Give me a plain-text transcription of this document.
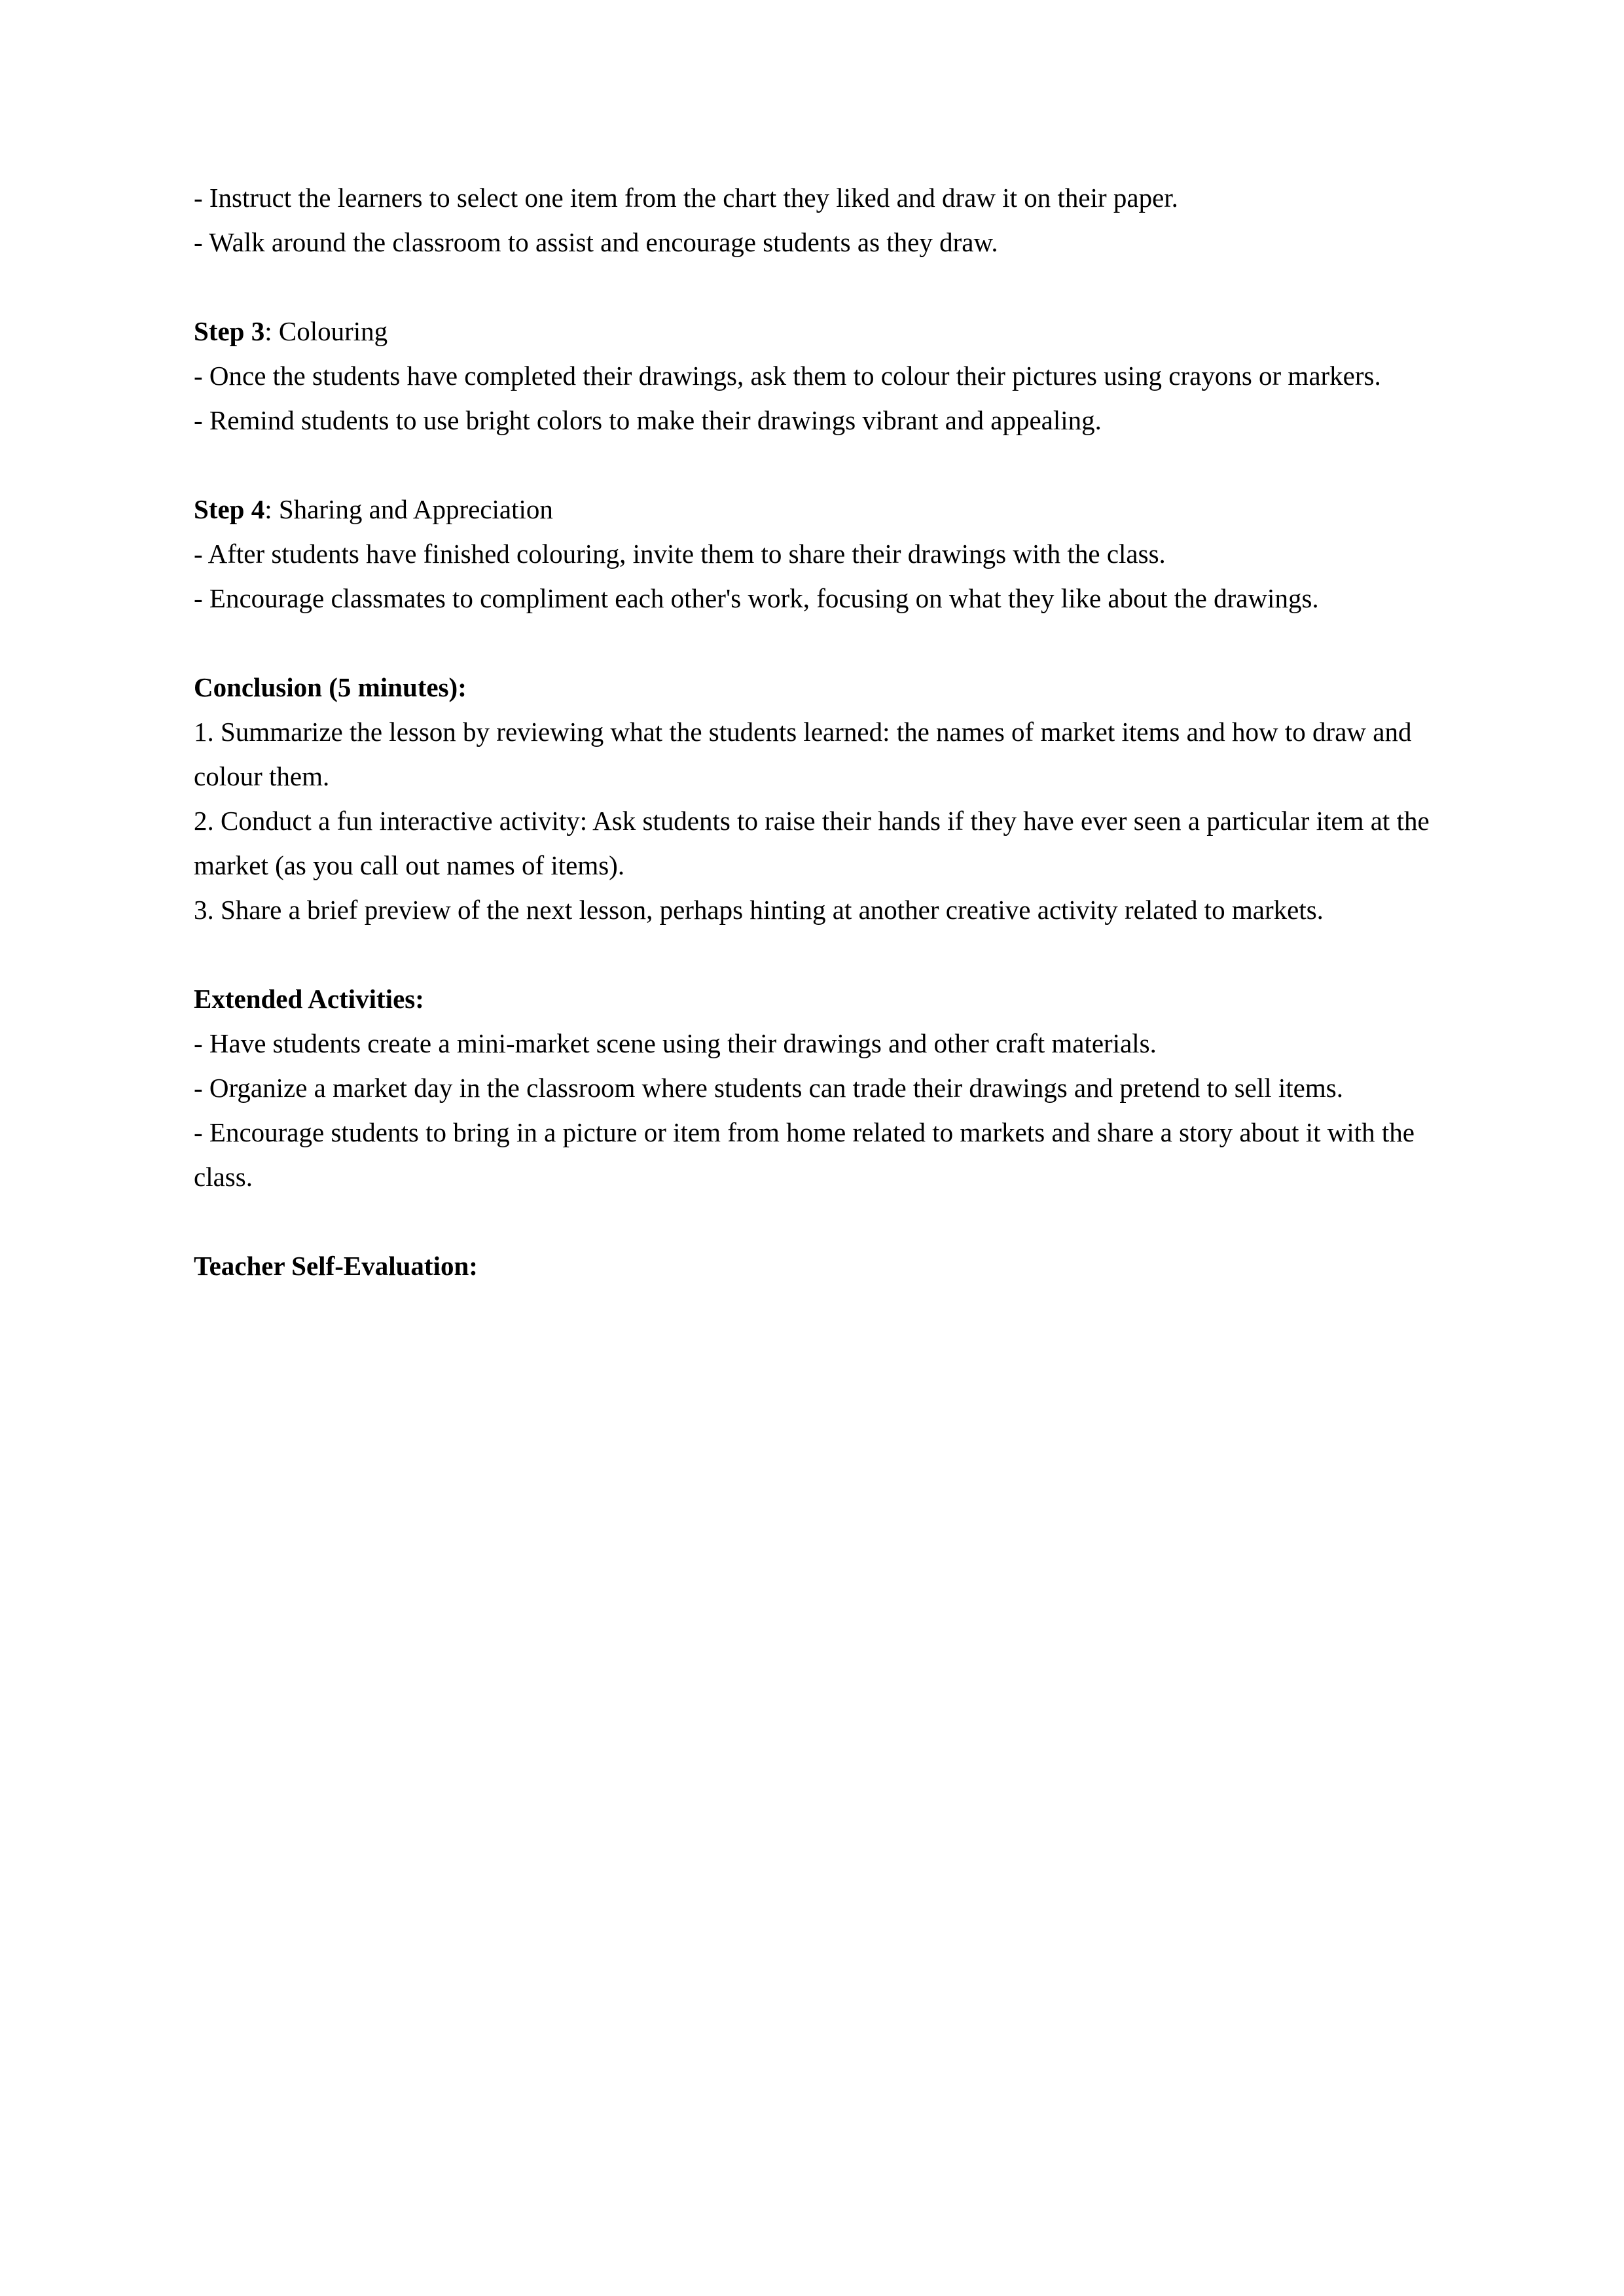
- Instruct the learners to select one item from the chart they liked and draw it on their paper.

- Walk around the classroom to assist and encourage students as they draw.

Step 3: Colouring

- Once the students have completed their drawings, ask them to colour their pictures using crayons or markers.

- Remind students to use bright colors to make their drawings vibrant and appealing.

Step 4: Sharing and Appreciation

- After students have finished colouring, invite them to share their drawings with the class.

- Encourage classmates to compliment each other's work, focusing on what they like about the drawings.

Conclusion (5 minutes):

1. Summarize the lesson by reviewing what the students learned: the names of market items and how to draw and colour them.

2. Conduct a fun interactive activity: Ask students to raise their hands if they have ever seen a particular item at the market (as you call out names of items).

3. Share a brief preview of the next lesson, perhaps hinting at another creative activity related to markets.

Extended Activities:

- Have students create a mini-market scene using their drawings and other craft materials.

- Organize a market day in the classroom where students can trade their drawings and pretend to sell items.

- Encourage students to bring in a picture or item from home related to markets and share a story about it with the class.

Teacher Self-Evaluation:
